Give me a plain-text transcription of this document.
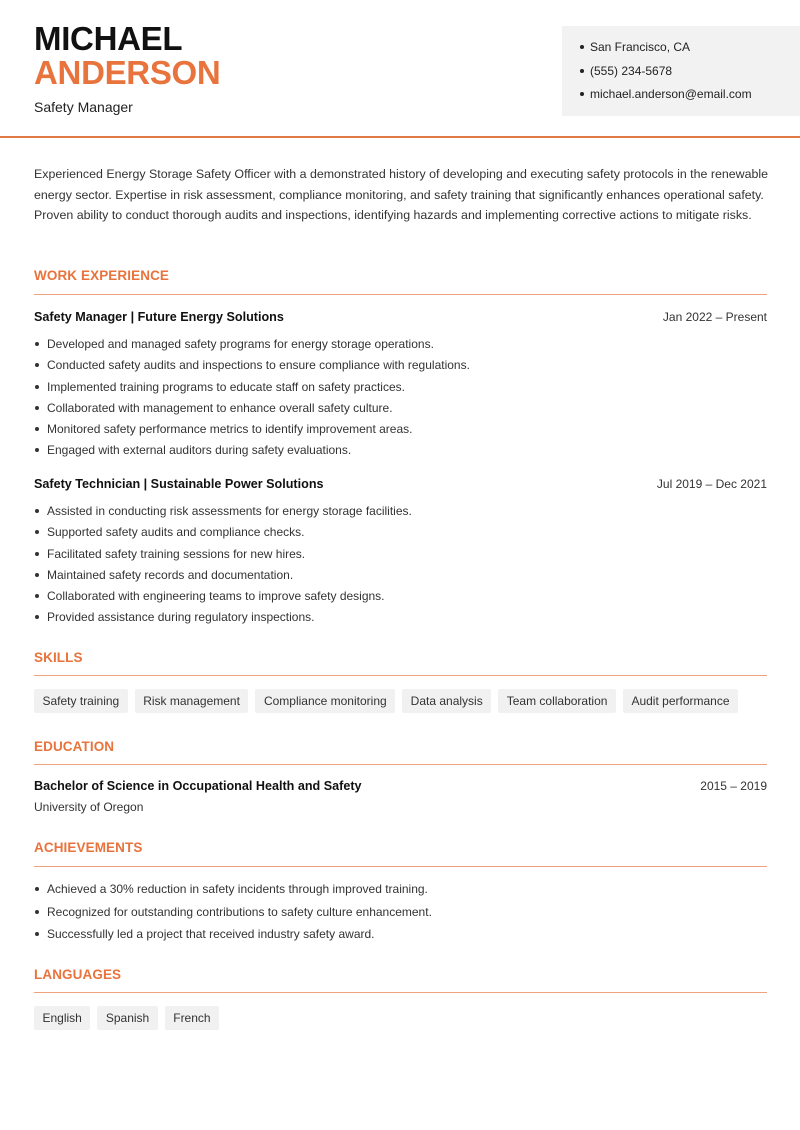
MICHAEL
ANDERSON
Safety Manager
San Francisco, CA
(555) 234-5678
michael.anderson@email.com

Experienced Energy Storage Safety Officer with a demonstrated history of developing and executing safety protocols in the renewable energy sector. Expertise in risk assessment, compliance monitoring, and safety training that significantly enhances operational safety. Proven ability to conduct thorough audits and inspections, identifying hazards and implementing corrective actions to mitigate risks.

WORK EXPERIENCE
Safety Manager | Future Energy Solutions	Jan 2022 – Present
Developed and managed safety programs for energy storage operations.
Conducted safety audits and inspections to ensure compliance with regulations.
Implemented training programs to educate staff on safety practices.
Collaborated with management to enhance overall safety culture.
Monitored safety performance metrics to identify improvement areas.
Engaged with external auditors during safety evaluations.
Safety Technician | Sustainable Power Solutions	Jul 2019 – Dec 2021
Assisted in conducting risk assessments for energy storage facilities.
Supported safety audits and compliance checks.
Facilitated safety training sessions for new hires.
Maintained safety records and documentation.
Collaborated with engineering teams to improve safety designs.
Provided assistance during regulatory inspections.
SKILLS
Safety training	Risk management	Compliance monitoring	Data analysis	Team collaboration	Audit performance
EDUCATION
Bachelor of Science in Occupational Health and Safety	2015 – 2019
University of Oregon
ACHIEVEMENTS
Achieved a 30% reduction in safety incidents through improved training.
Recognized for outstanding contributions to safety culture enhancement.
Successfully led a project that received industry safety award.
LANGUAGES
English	Spanish	French
